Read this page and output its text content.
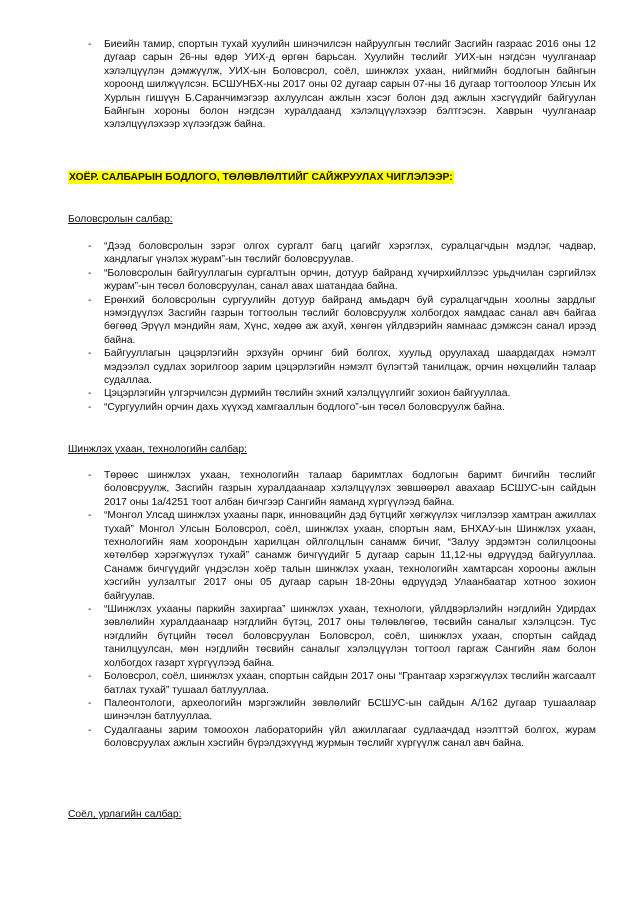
- Биеийн тамир, спортын тухай хуулийн шинэчилсэн найруулгын төслийг Засгийн газраас 2016 оны 12 дугаар сарын 26-ны өдөр УИХ-д өргөн барьсан. Хуулийн төслийг УИХ-ын нэгдсэн чуулганаар хэлэлцүүлэн дэмжүүлж, УИХ-ын Боловсрол, соёл, шинжлэх ухаан, нийгмийн бодлогын байнгын хороонд шилжүүлсэн. БСШУНБХ-ны 2017 оны 02 дугаар сарын 07-ны 16 дугаар тогтоолоор Улсын Их Хурлын гишүүн Б.Саранчимэгээр ахлуулсан ажлын хэсэг болон дэд ажлын хэсгүүдийг байгуулан Байнгын хороны болон нэгдсэн хуралдаанд хэлэлцүүлэхээр бэлтгэсэн. Хаврын чуулганаар хэлэлцүүлэхээр хүлээгдэж байна.
ХОЁР. САЛБАРЫН БОДЛОГО, ТӨЛӨВЛӨЛТИЙГ САЙЖРУУЛАХ ЧИГЛЭЛЭЭР:
Боловсролын салбар:
- “Дээд боловсролын зэрэг олгох сургалт багц цагийг хэрэглэх, суралцагчдын мэдлэг, чадвар, хандлагыг үнэлэх журам”-ын төслийг боловсруулав.
- “Боловсролын байгууллагын сургалтын орчин, дотуур байранд хүчирхийллээс урьдчилан сэргийлэх журам”-ын төсөл боловсруулан, санал авах шатандаа байна.
- Ерөнхий боловсролын сургуулийн дотуур байранд амьдарч буй суралцагчдын хоолны зардлыг нэмэгдүүлэх Засгийн газрын тогтоолын төслийг боловсруулж холбогдох яамдаас санал авч байгаа бөгөөд Эрүүл мэндийн яам, Хүнс, хөдөө аж ахуй, хөнгөн үйлдвэрийн яамнаас дэмжсэн санал ирээд байна.
- Байгууллагын цэцэрлэгийн эрхзүйн орчинг бий болгох, хуульд оруулахад шаардагдах нэмэлт мэдээлэл судлах зорилгоор зарим цэцэрлэгийн нэмэлт бүлэгтэй танилцаж, орчин нөхцөлийн талаар судаллаа.
- Цэцэрлэгийн үлгэрчилсэн дүрмийн төслийн эхний хэлэлцүүлгийг зохион байгууллаа.
- “Сургуулийн орчин дахь хүүхэд хамгааллын бодлого”-ын төсөл боловсруулж байна.
Шинжлэх ухаан, технологийн салбар:
- Төрөөс шинжлэх ухаан, технологийн талаар баримтлах бодлогын баримт бичгийн төслийг боловсруулж, Засгийн газрын хуралдаанаар хэлэлцүүлэх зөвшөөрөл авахаар БСШУС-ын сайдын 2017 оны 1а/4251 тоот албан бичгээр Сангийн яаманд хүргүүлээд байна.
- “Монгол Улсад шинжлэх ухааны парк, инновацийн дэд бүтцийг хөгжүүлэх чиглэлээр хамтран ажиллах тухай” Монгол Улсын Боловсрол, соёл, шинжлэх ухаан, спортын яам, БНХАУ-ын Шинжлэх ухаан, технологийн яам хоорондын харилцан ойлголцлын санамж бичиг, “Залуу эрдэмтэн солилцооны хөтөлбөр хэрэгжүүлэх тухай” санамж бичгүүдийг 5 дугаар сарын 11,12-ны өдрүүдэд байгууллаа. Санамж бичгүүдийг үндэслэн хоёр талын шинжлэх ухаан, технологийн хамтарсан хорооны ажлын хэсгийн уулзалтыг 2017 оны 05 дугаар сарын 18-20ны өдрүүдэд Улаанбаатар хотноо зохион байгуулав.
- “Шинжлэх ухааны паркийн захиргаа” шинжлэх ухаан, технологи, үйлдвэрлэлийн нэгдлийн Удирдах зөвлөлийн хуралдаанаар нэгдлийн бүтэц, 2017 оны төлөвлөгөө, төсвийн саналыг хэлэлцсэн. Тус нэгдлийн бүтцийн төсөл боловсруулан Боловсрол, соёл, шинжлэх ухаан, спортын сайдад танилцуулсан, мөн нэгдлийн төсвийн саналыг хэлэлцүүлэн тогтоол гаргаж Сангийн яам болон холбогдох газарт хүргүүлээд байна.
- Боловсрол, соёл, шинжлэх ухаан, спортын сайдын 2017 оны “Грантаар хэрэгжүүлэх төслийн жагсаалт батлах тухай” тушаал батлууллаа.
- Палеонтологи, археологийн мэргэжлийн зөвлөлийг БСШУС-ын сайдын А/162 дугаар тушаалаар шинэчлэн батлууллаа.
- Судалгааны зарим томоохон лабораторийн үйл ажиллагааг судлаачдад нээлттэй болгох, журам боловсруулах ажлын хэсгийн бүрэлдэхүүнд журмын төслийг хүргүүлж санал авч байна.
Соёл, урлагийн салбар:
